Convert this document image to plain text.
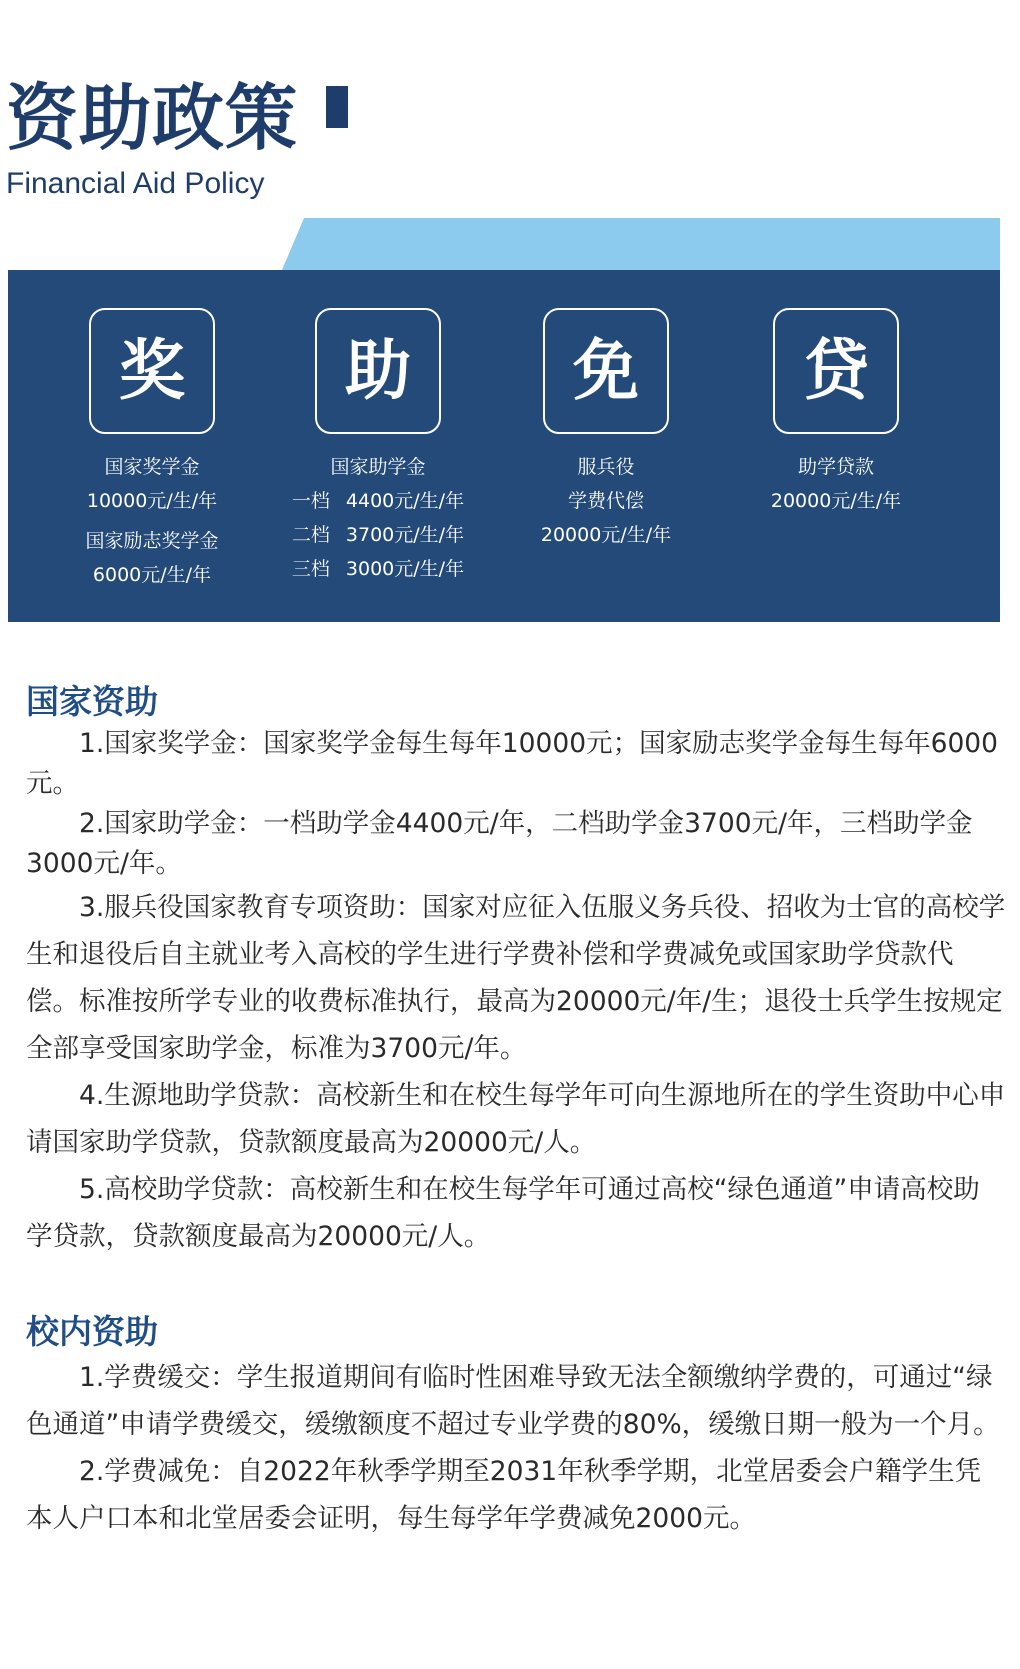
资助政策

Financial Aid Policy

奖
国家奖学金
10000元/生/年
国家励志奖学金
6000元/生/年
助
国家助学金
一档 4400元/生/年
二档 3700元/生/年
三档 3000元/生/年
免
服兵役
学费代偿
20000元/生/年
贷
助学贷款
20000元/生/年
国家资助

1.国家奖学金：国家奖学金每生每年10000元；国家励志奖学金每生每年6000元。

2.国家助学金：一档助学金4400元/年，二档助学金3700元/年，三档助学金3000元/年。

3.服兵役国家教育专项资助：国家对应征入伍服义务兵役、招收为士官的高校学生和退役后自主就业考入高校的学生进行学费补偿和学费减免或国家助学贷款代偿。标准按所学专业的收费标准执行，最高为20000元/年/生；退役士兵学生按规定全部享受国家助学金，标准为3700元/年。

4.生源地助学贷款：高校新生和在校生每学年可向生源地所在的学生资助中心申请国家助学贷款，贷款额度最高为20000元/人。

5.高校助学贷款：高校新生和在校生每学年可通过高校“绿色通道”申请高校助学贷款，贷款额度最高为20000元/人。

校内资助

1.学费缓交：学生报道期间有临时性困难导致无法全额缴纳学费的，可通过“绿色通道”申请学费缓交，缓缴额度不超过专业学费的80%，缓缴日期一般为一个月。

2.学费减免：自2022年秋季学期至2031年秋季学期，北堂居委会户籍学生凭本人户口本和北堂居委会证明，每生每学年学费减免2000元。
